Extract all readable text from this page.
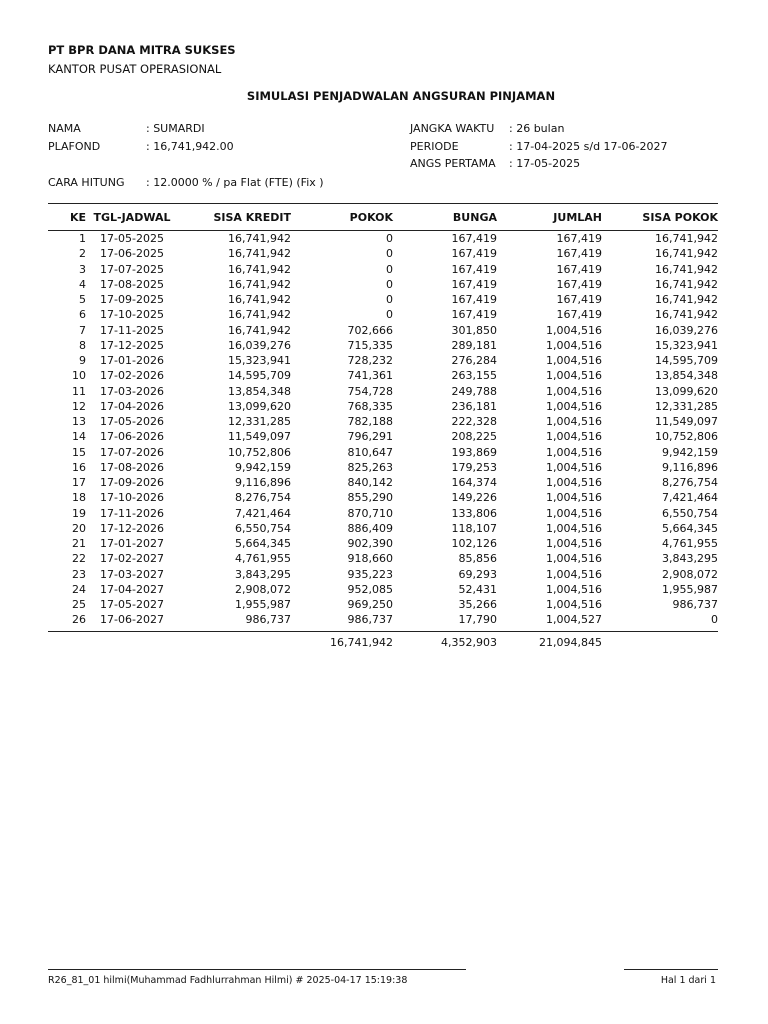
PT BPR DANA MITRA SUKSES
KANTOR PUSAT OPERASIONAL
SIMULASI PENJADWALAN ANGSURAN PINJAMAN
NAMA	: SUMARDI
PLAFOND	: 16,741,942.00
CARA HITUNG : 12.0000 % / pa Flat (FTE) (Fix )
JANGKA WAKTU : 26 bulan
PERIODE	: 17-04-2025 s/d 17-06-2027
ANGS PERTAMA : 17-05-2025
KE	TGL-JADWAL	SISA KREDIT	POKOK	BUNGA	JUMLAH	SISA POKOK
1	17-05-2025	16,741,942	0	167,419	167,419	16,741,942
2	17-06-2025	16,741,942	0	167,419	167,419	16,741,942
3	17-07-2025	16,741,942	0	167,419	167,419	16,741,942
4	17-08-2025	16,741,942	0	167,419	167,419	16,741,942
5	17-09-2025	16,741,942	0	167,419	167,419	16,741,942
6	17-10-2025	16,741,942	0	167,419	167,419	16,741,942
7	17-11-2025	16,741,942	702,666	301,850	1,004,516	16,039,276
8	17-12-2025	16,039,276	715,335	289,181	1,004,516	15,323,941
9	17-01-2026	15,323,941	728,232	276,284	1,004,516	14,595,709
10	17-02-2026	14,595,709	741,361	263,155	1,004,516	13,854,348
11	17-03-2026	13,854,348	754,728	249,788	1,004,516	13,099,620
12	17-04-2026	13,099,620	768,335	236,181	1,004,516	12,331,285
13	17-05-2026	12,331,285	782,188	222,328	1,004,516	11,549,097
14	17-06-2026	11,549,097	796,291	208,225	1,004,516	10,752,806
15	17-07-2026	10,752,806	810,647	193,869	1,004,516	9,942,159
16	17-08-2026	9,942,159	825,263	179,253	1,004,516	9,116,896
17	17-09-2026	9,116,896	840,142	164,374	1,004,516	8,276,754
18	17-10-2026	8,276,754	855,290	149,226	1,004,516	7,421,464
19	17-11-2026	7,421,464	870,710	133,806	1,004,516	6,550,754
20	17-12-2026	6,550,754	886,409	118,107	1,004,516	5,664,345
21	17-01-2027	5,664,345	902,390	102,126	1,004,516	4,761,955
22	17-02-2027	4,761,955	918,660	85,856	1,004,516	3,843,295
23	17-03-2027	3,843,295	935,223	69,293	1,004,516	2,908,072
24	17-04-2027	2,908,072	952,085	52,431	1,004,516	1,955,987
25	17-05-2027	1,955,987	969,250	35,266	1,004,516	986,737
26	17-06-2027	986,737	986,737	17,790	1,004,527	0
			16,741,942	4,352,903	21,094,845	
R26_81_01 hilmi(Muhammad Fadhlurrahman Hilmi) # 2025-04-17 15:19:38	Hal 1 dari 1
